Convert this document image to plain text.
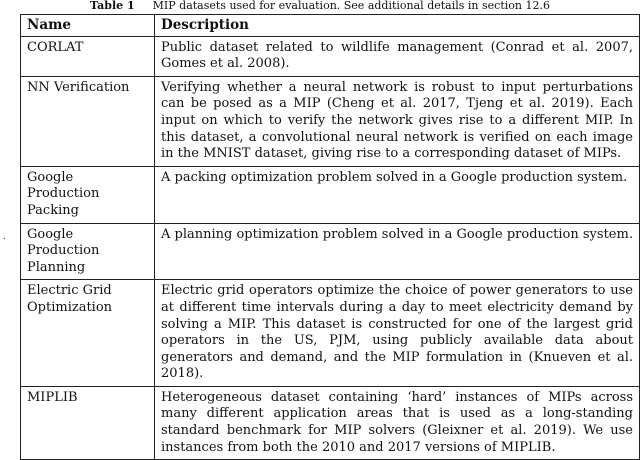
Table 1 MIP datasets used for evaluation. See additional details in section 12.6
.
Name	Description
CORLAT	Public dataset related to wildlife management (Conrad et al. 2007, Gomes et al. 2008).
NN Verification	Verifying whether a neural network is robust to input perturbations can be posed as a MIP (Cheng et al. 2017, Tjeng et al. 2019). Each input on which to verify the network gives rise to a different MIP. In this dataset, a convolutional neural network is verified on each image in the MNIST dataset, giving rise to a corresponding dataset of MIPs.
Google Production Packing	A packing optimization problem solved in a Google production system.
Google Production Planning	A planning optimization problem solved in a Google production system.
Electric Grid Optimization	Electric grid operators optimize the choice of power generators to use at different time intervals during a day to meet electricity demand by solving a MIP. This dataset is constructed for one of the largest grid operators in the US, PJM, using publicly available data about generators and demand, and the MIP formulation in (Knueven et al. 2018).
MIPLIB	Heterogeneous dataset containing ‘hard’ instances of MIPs across many different application areas that is used as a long-standing standard benchmark for MIP solvers (Gleixner et al. 2019). We use instances from both the 2010 and 2017 versions of MIPLIB.
